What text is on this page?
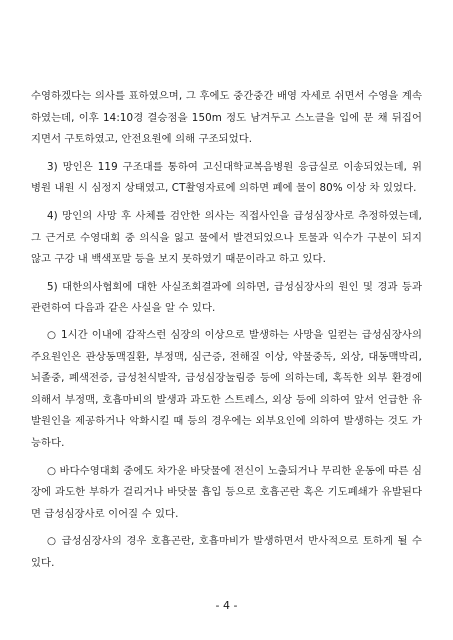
수영하겠다는 의사를 표하였으며, 그 후에도 중간중간 배영 자세로 쉬면서 수영을 계속하였는데, 이후 14:10경 결승점을 150m 정도 남겨두고 스노클을 입에 문 채 뒤집어지면서 구토하였고, 안전요원에 의해 구조되었다.

3) 망인은 119 구조대를 통하여 고신대학교복음병원 응급실로 이송되었는데, 위 병원 내원 시 심정지 상태였고, CT촬영자료에 의하면 폐에 물이 80% 이상 차 있었다.

4) 망인의 사망 후 사체를 검안한 의사는 직접사인을 급성심장사로 추정하였는데, 그 근거로 수영대회 중 의식을 잃고 물에서 발견되었으나 토물과 익수가 구분이 되지 않고 구강 내 백색포말 등을 보지 못하였기 때문이라고 하고 있다.

5) 대한의사협회에 대한 사실조회결과에 의하면, 급성심장사의 원인 및 경과 등과 관련하여 다음과 같은 사실을 알 수 있다.

○ 1시간 이내에 갑작스런 심장의 이상으로 발생하는 사망을 일컫는 급성심장사의 주요원인은 관상동맥질환, 부정맥, 심근증, 전해질 이상, 약물중독, 외상, 대동맥박리, 뇌졸중, 폐색전증, 급성천식발작, 급성심장눌림증 등에 의하는데, 혹독한 외부 환경에 의해서 부정맥, 호흡마비의 발생과 과도한 스트레스, 외상 등에 의하여 앞서 언급한 유발원인을 제공하거나 악화시킬 때 등의 경우에는 외부요인에 의하여 발생하는 것도 가능하다.

○ 바다수영대회 중에도 차가운 바닷물에 전신이 노출되거나 무리한 운동에 따른 심장에 과도한 부하가 걸리거나 바닷물 흡입 등으로 호흡곤란 혹은 기도폐쇄가 유발된다면 급성심장사로 이어질 수 있다.

○ 급성심장사의 경우 호흡곤란, 호흡마비가 발생하면서 반사적으로 토하게 될 수 있다.

- 4 -
